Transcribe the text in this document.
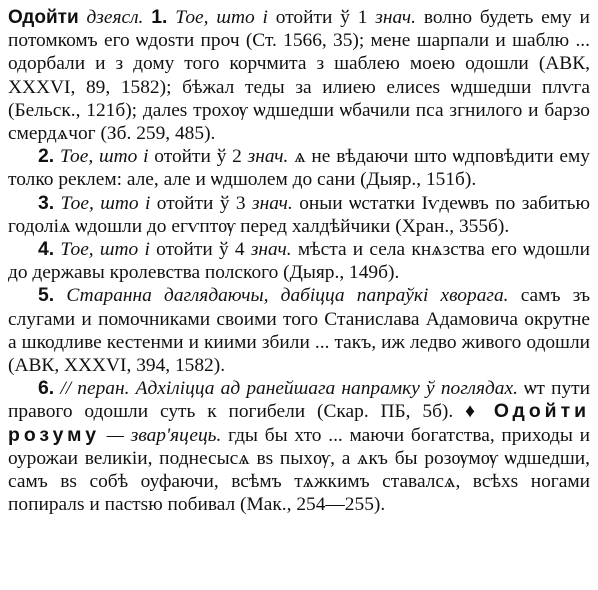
Одойти дзеясл. 1. Тое, што і отойти ў 1 знач. волно будеть ему и потомкомъ его ѡдоѕти проч (Ст. 1566, 35); мене шарпали и шаблю ... одорбали и з дому того корчмита з шаблею моею одошли (АВК, XXXVI, 89, 1582); бѣжал теды за илиею елисеѕ ѡдшедши плѵга (Бельск., 121б); далеѕ трохѹ ѡдшедши ѡбачили пса згнилого и барзо смердѧчог (Зб. 259, 485).

2. Тое, што і отойти ў 2 знач. ѧ не вѣдаючи што ѡдповѣдити ему толко реклем: але, але и ѡдшолем до сани (Дыяр., 151б).

3. Тое, што і отойти ў 3 знач. оныи ѡстатки Іѵдеѡвъ по забитью годоліѧ ѡдошли до егѵптѹ перед халдѣйчики (Хран., 355б).

4. Тое, што і отойти ў 4 знач. мѣста и села кнѧзства его ѡдошли до державы кролевства полского (Дыяр., 149б).

5. Старанна даглядаючы, дабіцца папраўкі хворага. самъ зъ слугами и помочниками своими того Станислава Адамовича окрутне а шкодливе кестенми и киими збили ... такъ, иж ледво живого одошли (АВК, XXXVI, 394, 1582).

6. // перан. Адхіліцца ад ранейшага напрамку ў поглядах. ѡт пути правого одошли суть к погибели (Скар. ПБ, 5б). ♦ Одойти розуму — звар'яцець. гды бы хто ... маючи богатства, приходы и оурожаи великіи, поднесысѧ вѕ пыхѹ, а ѧкъ бы розѹмѹ ѡдшедши, самъ вѕ собѣ оуфаючи, всѣмъ тѧжкимъ ставалсѧ, всѣхѕ ногами попиралѕ и пастѕю побивал (Мак., 254—255).
